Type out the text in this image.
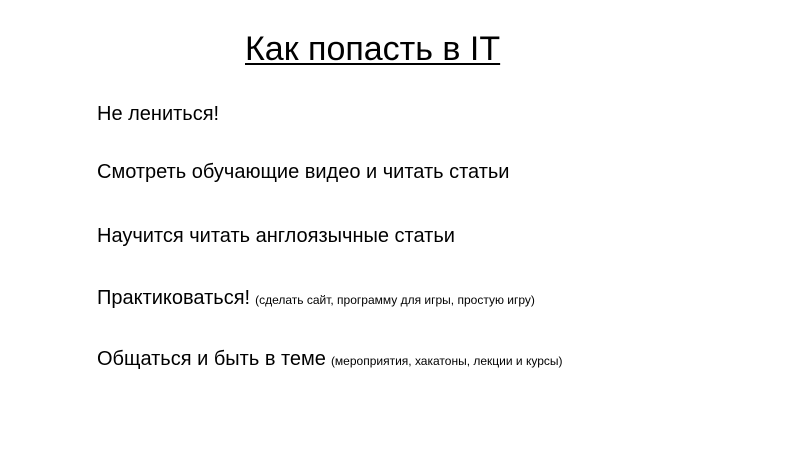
Как попасть в IT
Не лениться!
Смотреть обучающие видео и читать статьи
Научится читать англоязычные статьи
Практиковаться! (сделать сайт, программу для игры, простую игру)
Общаться и быть в теме (мероприятия, хакатоны, лекции и курсы)
